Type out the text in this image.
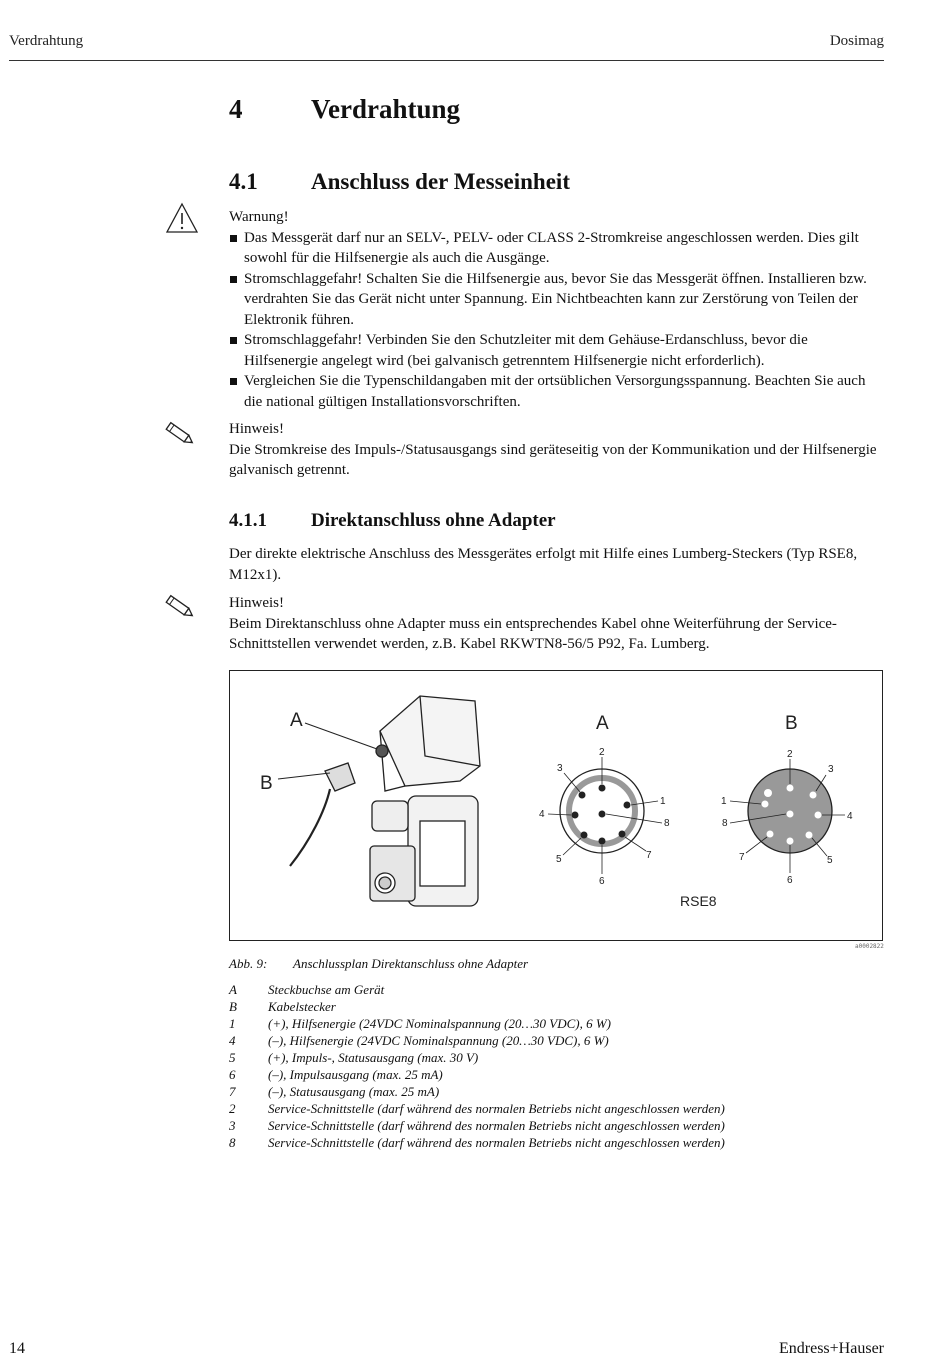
Verdrahtung	Dosimag
4	Verdrahtung
4.1 Anschluss der Messeinheit
Warnung!
Das Messgerät darf nur an SELV-, PELV- oder CLASS 2-Stromkreise angeschlossen werden. Dies gilt sowohl für die Hilfsenergie als auch die Ausgänge.
Stromschlaggefahr! Schalten Sie die Hilfsenergie aus, bevor Sie das Messgerät öffnen. Installieren bzw. verdrahten Sie das Gerät nicht unter Spannung. Ein Nichtbeachten kann zur Zerstörung von Teilen der Elektronik führen.
Stromschlaggefahr! Verbinden Sie den Schutzleiter mit dem Gehäuse-Erdanschluss, bevor die Hilfsenergie angelegt wird (bei galvanisch getrenntem Hilfsenergie nicht erforderlich).
Vergleichen Sie die Typenschildangaben mit der ortsüblichen Versorgungsspannung. Beachten Sie auch die national gültigen Installationsvorschriften.
Hinweis!
Die Stromkreise des Impuls-/Statusausgangs sind geräteseitig von der Kommunikation und der Hilfsenergie galvanisch getrennt.
4.1.1 Direktanschluss ohne Adapter
Der direkte elektrische Anschluss des Messgerätes erfolgt mit Hilfe eines Lumberg-Steckers (Typ RSE8, M12x1).
Hinweis!
Beim Direktanschluss ohne Adapter muss ein entsprechendes Kabel ohne Weiterführung der Service-Schnittstellen verwendet werden, z.B. Kabel RKWTN8-56/5 P92, Fa. Lumberg.
A
B
A
2
3
1
4
8
5
6
7
B
2
3
1
4
8
7
6
5
RSE8
a0002822
Abb. 9: Anschlussplan Direktanschluss ohne Adapter
A Steckbuchse am Gerät
B Kabelstecker
1	(+), Hilfsenergie (24VDC Nominalspannung (20…30 VDC), 6 W)
4	(–), Hilfsenergie (24VDC Nominalspannung (20…30 VDC), 6 W)
5	(+), Impuls-, Statusausgang (max. 30 V)
6	(–), Impulsausgang (max. 25 mA)
7	(–), Statusausgang (max. 25 mA)
2	Service-Schnittstelle (darf während des normalen Betriebs nicht angeschlossen werden)
3	Service-Schnittstelle (darf während des normalen Betriebs nicht angeschlossen werden)
8	Service-Schnittstelle (darf während des normalen Betriebs nicht angeschlossen werden)
14	Endress+Hauser
